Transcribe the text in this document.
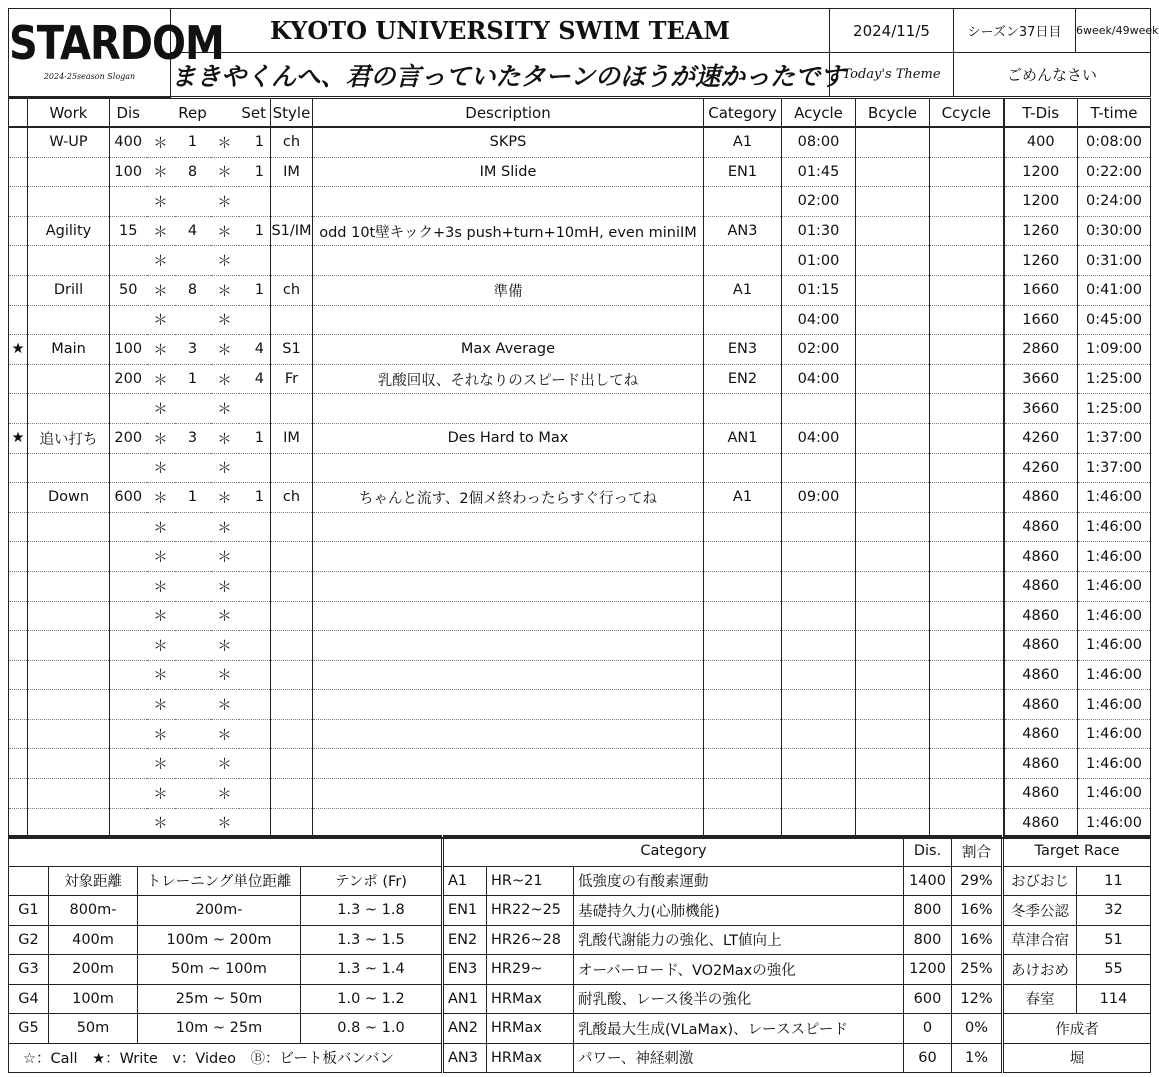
STARDOM
2024-25season Slogan	KYOTO UNIVERSITY SWIM TEAM	2024/11/5	シーズン37日目	6week/49week
	まきやくんへ、君の言っていたターンのほうが速かったです	Today's Theme	ごめんなさい	
	Work	Dis		Rep		Set	Style	Description	Category	Acycle	Bcycle	Ccycle	T-Dis	T-time
	W-UP	400	＊	1	＊	1	ch	SKPS	A1	08:00			400	0:08:00
		100	＊	8	＊	1	IM	IM Slide	EN1	01:45			1200	0:22:00
			＊		＊					02:00			1200	0:24:00
	Agility	15	＊	4	＊	1	S1/IM	odd 10t壁キック+3s push+turn+10mH, even miniIM	AN3	01:30			1260	0:30:00
			＊		＊					01:00			1260	0:31:00
	Drill	50	＊	8	＊	1	ch	準備	A1	01:15			1660	0:41:00
			＊		＊					04:00			1660	0:45:00
★	Main	100	＊	3	＊	4	S1	Max Average	EN3	02:00			2860	1:09:00
		200	＊	1	＊	4	Fr	乳酸回収、それなりのスピード出してね	EN2	04:00			3660	1:25:00
			＊		＊								3660	1:25:00
★	追い打ち	200	＊	3	＊	1	IM	Des Hard to Max	AN1	04:00			4260	1:37:00
			＊		＊								4260	1:37:00
	Down	600	＊	1	＊	1	ch	ちゃんと流す、2個メ終わったらすぐ行ってね	A1	09:00			4860	1:46:00
			＊		＊								4860	1:46:00
			＊		＊								4860	1:46:00
			＊		＊								4860	1:46:00
			＊		＊								4860	1:46:00
			＊		＊								4860	1:46:00
			＊		＊								4860	1:46:00
			＊		＊								4860	1:46:00
			＊		＊								4860	1:46:00
			＊		＊								4860	1:46:00
			＊		＊								4860	1:46:00
			＊		＊								4860	1:46:00

	対象距離	トレーニング単位距離	テンポ (Fr)
G1	800m-	200m-	1.3 ~ 1.8
G2	400m	100m ~ 200m	1.3 ~ 1.5
G3	200m	50m ~ 100m	1.3 ~ 1.4
G4	100m	25m ~ 50m	1.0 ~ 1.2
G5	50m	10m ~ 25m	0.8 ~ 1.0
☆：Call　★：Write　v：Video　Ⓑ：ビート板バンバン			
Category			Dis.	割合
A1	HR~21	低強度の有酸素運動	1400	29%
EN1	HR22~25	基礎持久力(心肺機能)	800	16%
EN2	HR26~28	乳酸代謝能力の強化、LT値向上	800	16%
EN3	HR29~	オーバーロード、VO2Maxの強化	1200	25%
AN1	HRMax	耐乳酸、レース後半の強化	600	12%
AN2	HRMax	乳酸最大生成(VLaMax)、レーススピード	0	0%
AN3	HRMax	パワー、神経刺激	60	1%
Target Race	
おびおじ	11
冬季公認	32
草津合宿	51
あけおめ	55
春室	114
作成者	
堀	
